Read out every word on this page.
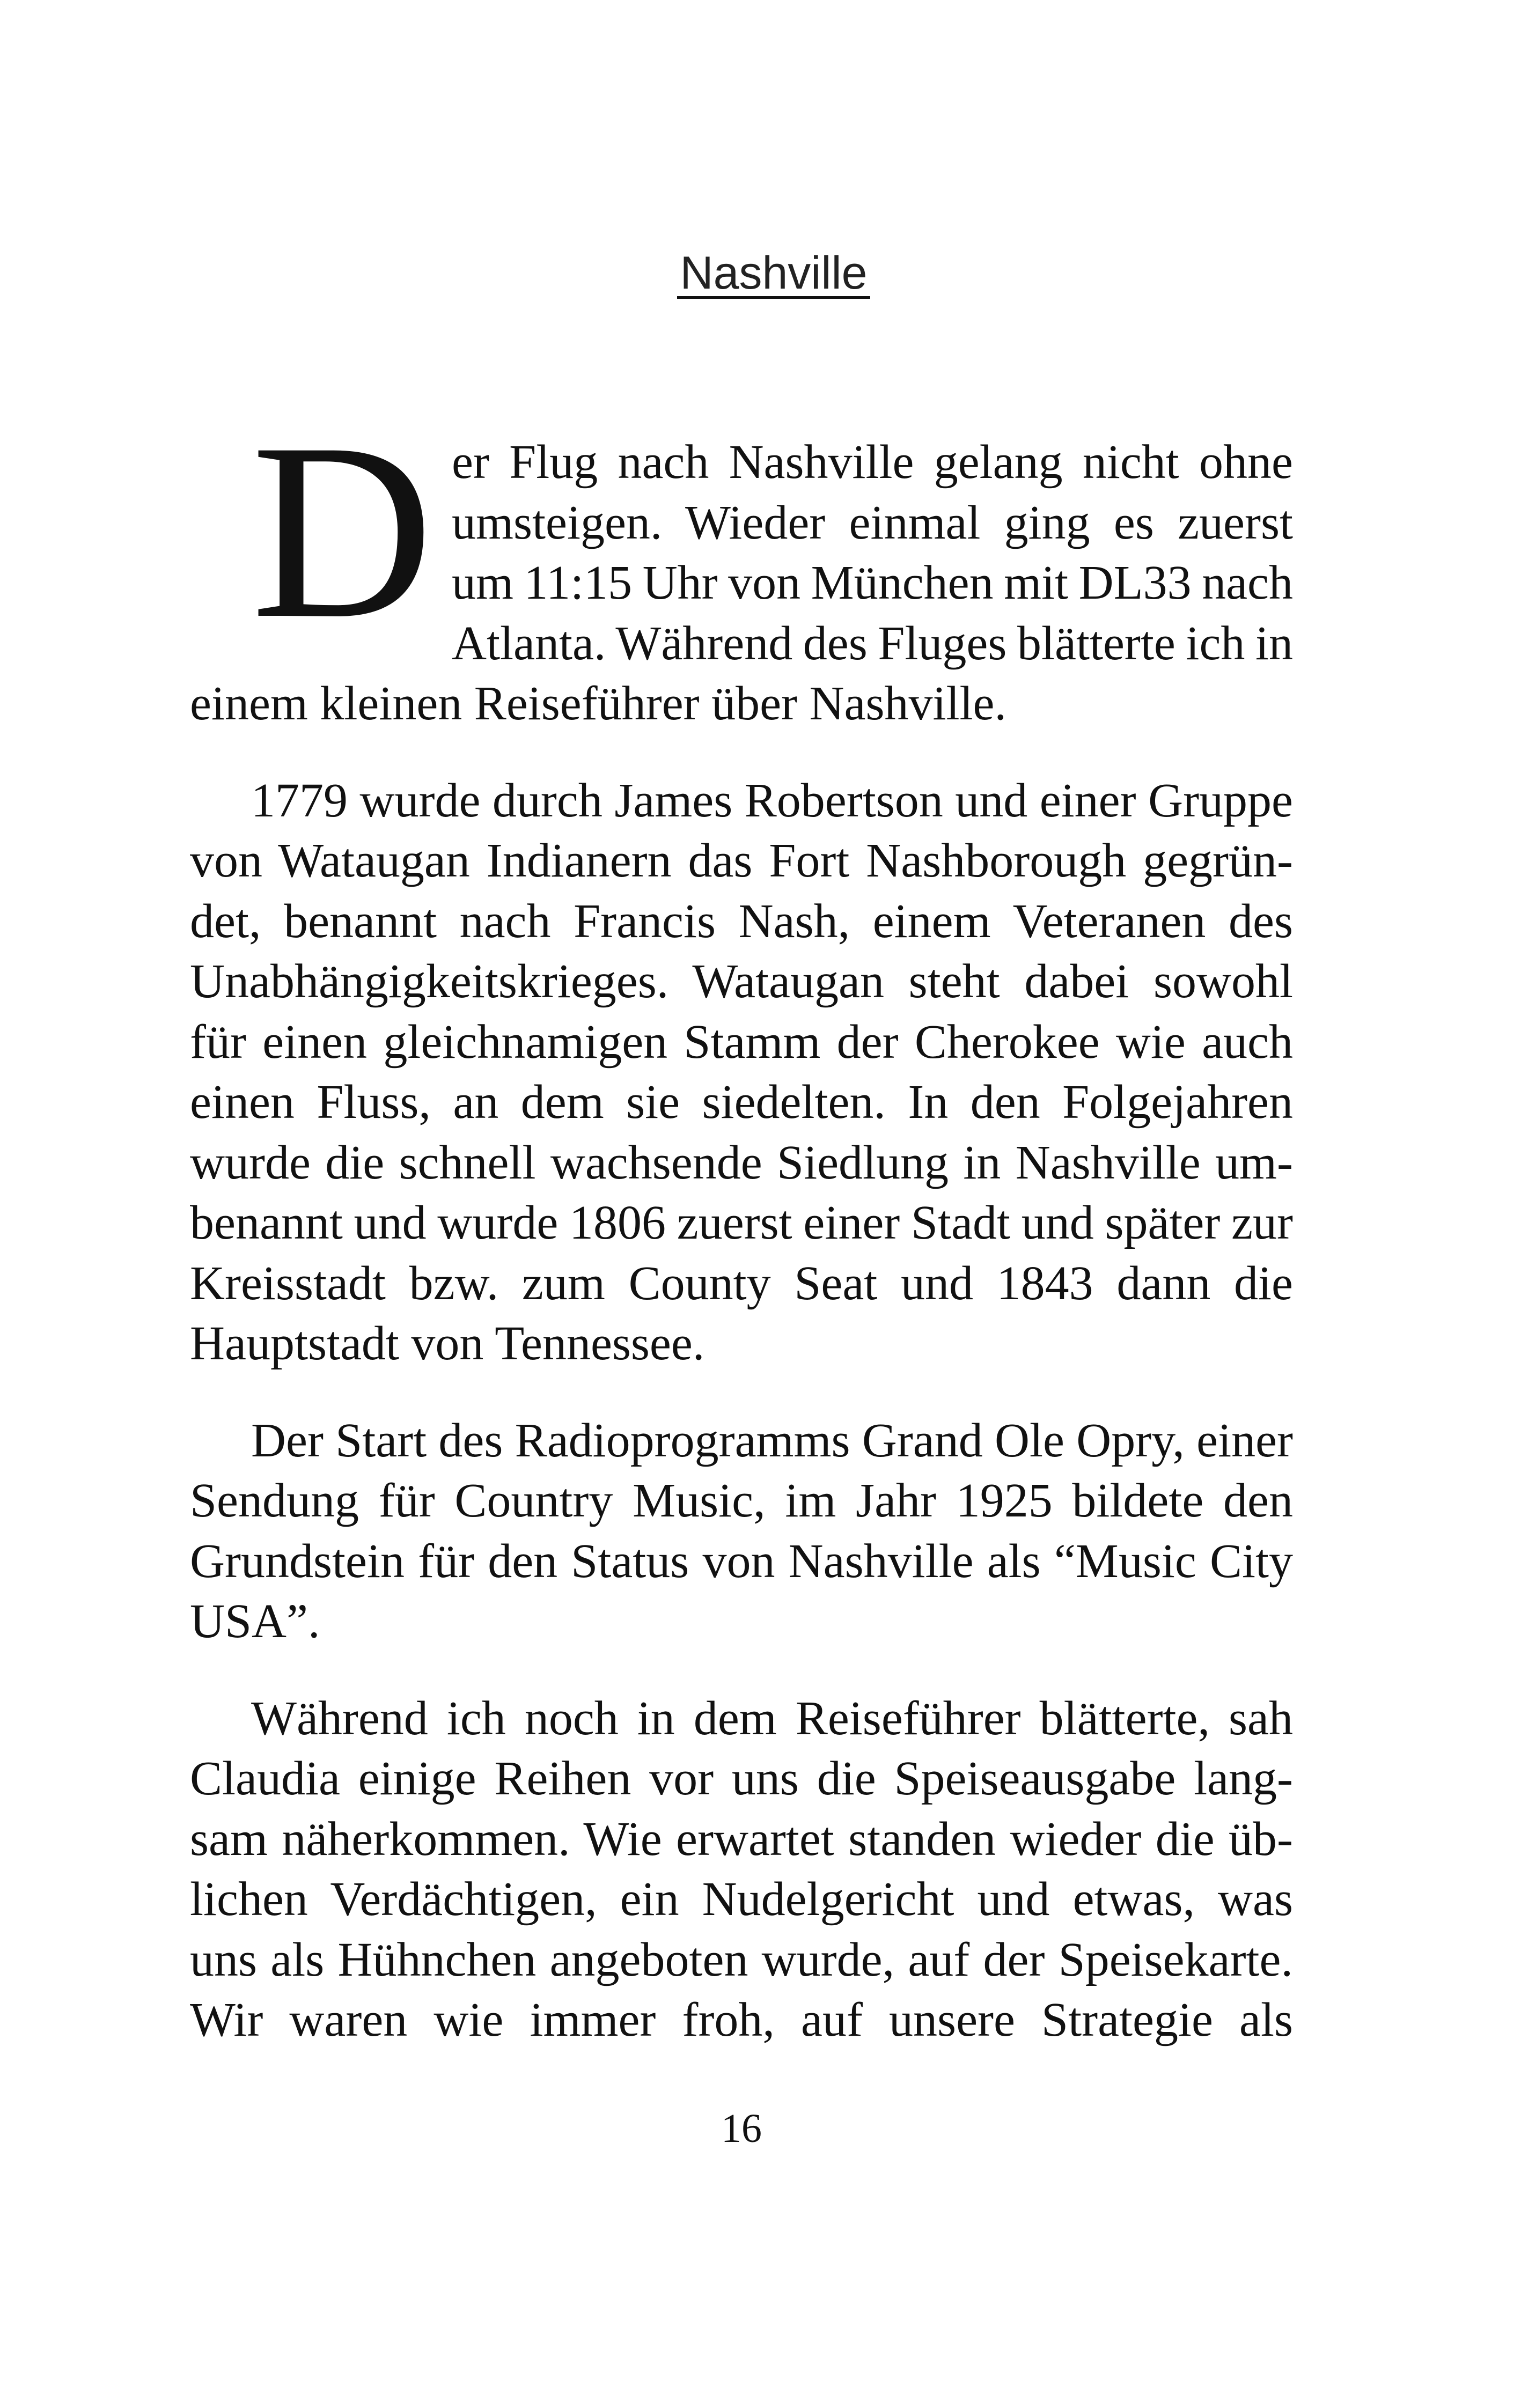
Nashville
D er Flug nach Nashville gelang nicht ohne
umsteigen. Wieder einmal ging es zuerst
um 11:15 Uhr von München mit DL33 nach
Atlanta. Während des Fluges blätterte ich in
einem kleinen Reiseführer über Nashville.
1779 wurde durch James Robertson und einer Gruppe
von Wataugan Indianern das Fort Nashborough gegrün-
det, benannt nach Francis Nash, einem Veteranen des
Unabhängigkeitskrieges. Wataugan steht dabei sowohl
für einen gleichnamigen Stamm der Cherokee wie auch
einen Fluss, an dem sie siedelten. In den Folgejahren
wurde die schnell wachsende Siedlung in Nashville um-
benannt und wurde 1806 zuerst einer Stadt und später zur
Kreisstadt bzw. zum County Seat und 1843 dann die
Hauptstadt von Tennessee.
Der Start des Radioprogramms Grand Ole Opry, einer
Sendung für Country Music, im Jahr 1925 bildete den
Grundstein für den Status von Nashville als “Music City
USA”.
Während ich noch in dem Reiseführer blätterte, sah
Claudia einige Reihen vor uns die Speiseausgabe lang-
sam näherkommen. Wie erwartet standen wieder die üb-
lichen Verdächtigen, ein Nudelgericht und etwas, was
uns als Hühnchen angeboten wurde, auf der Speisekarte.
Wir waren wie immer froh, auf unsere Strategie als
16
